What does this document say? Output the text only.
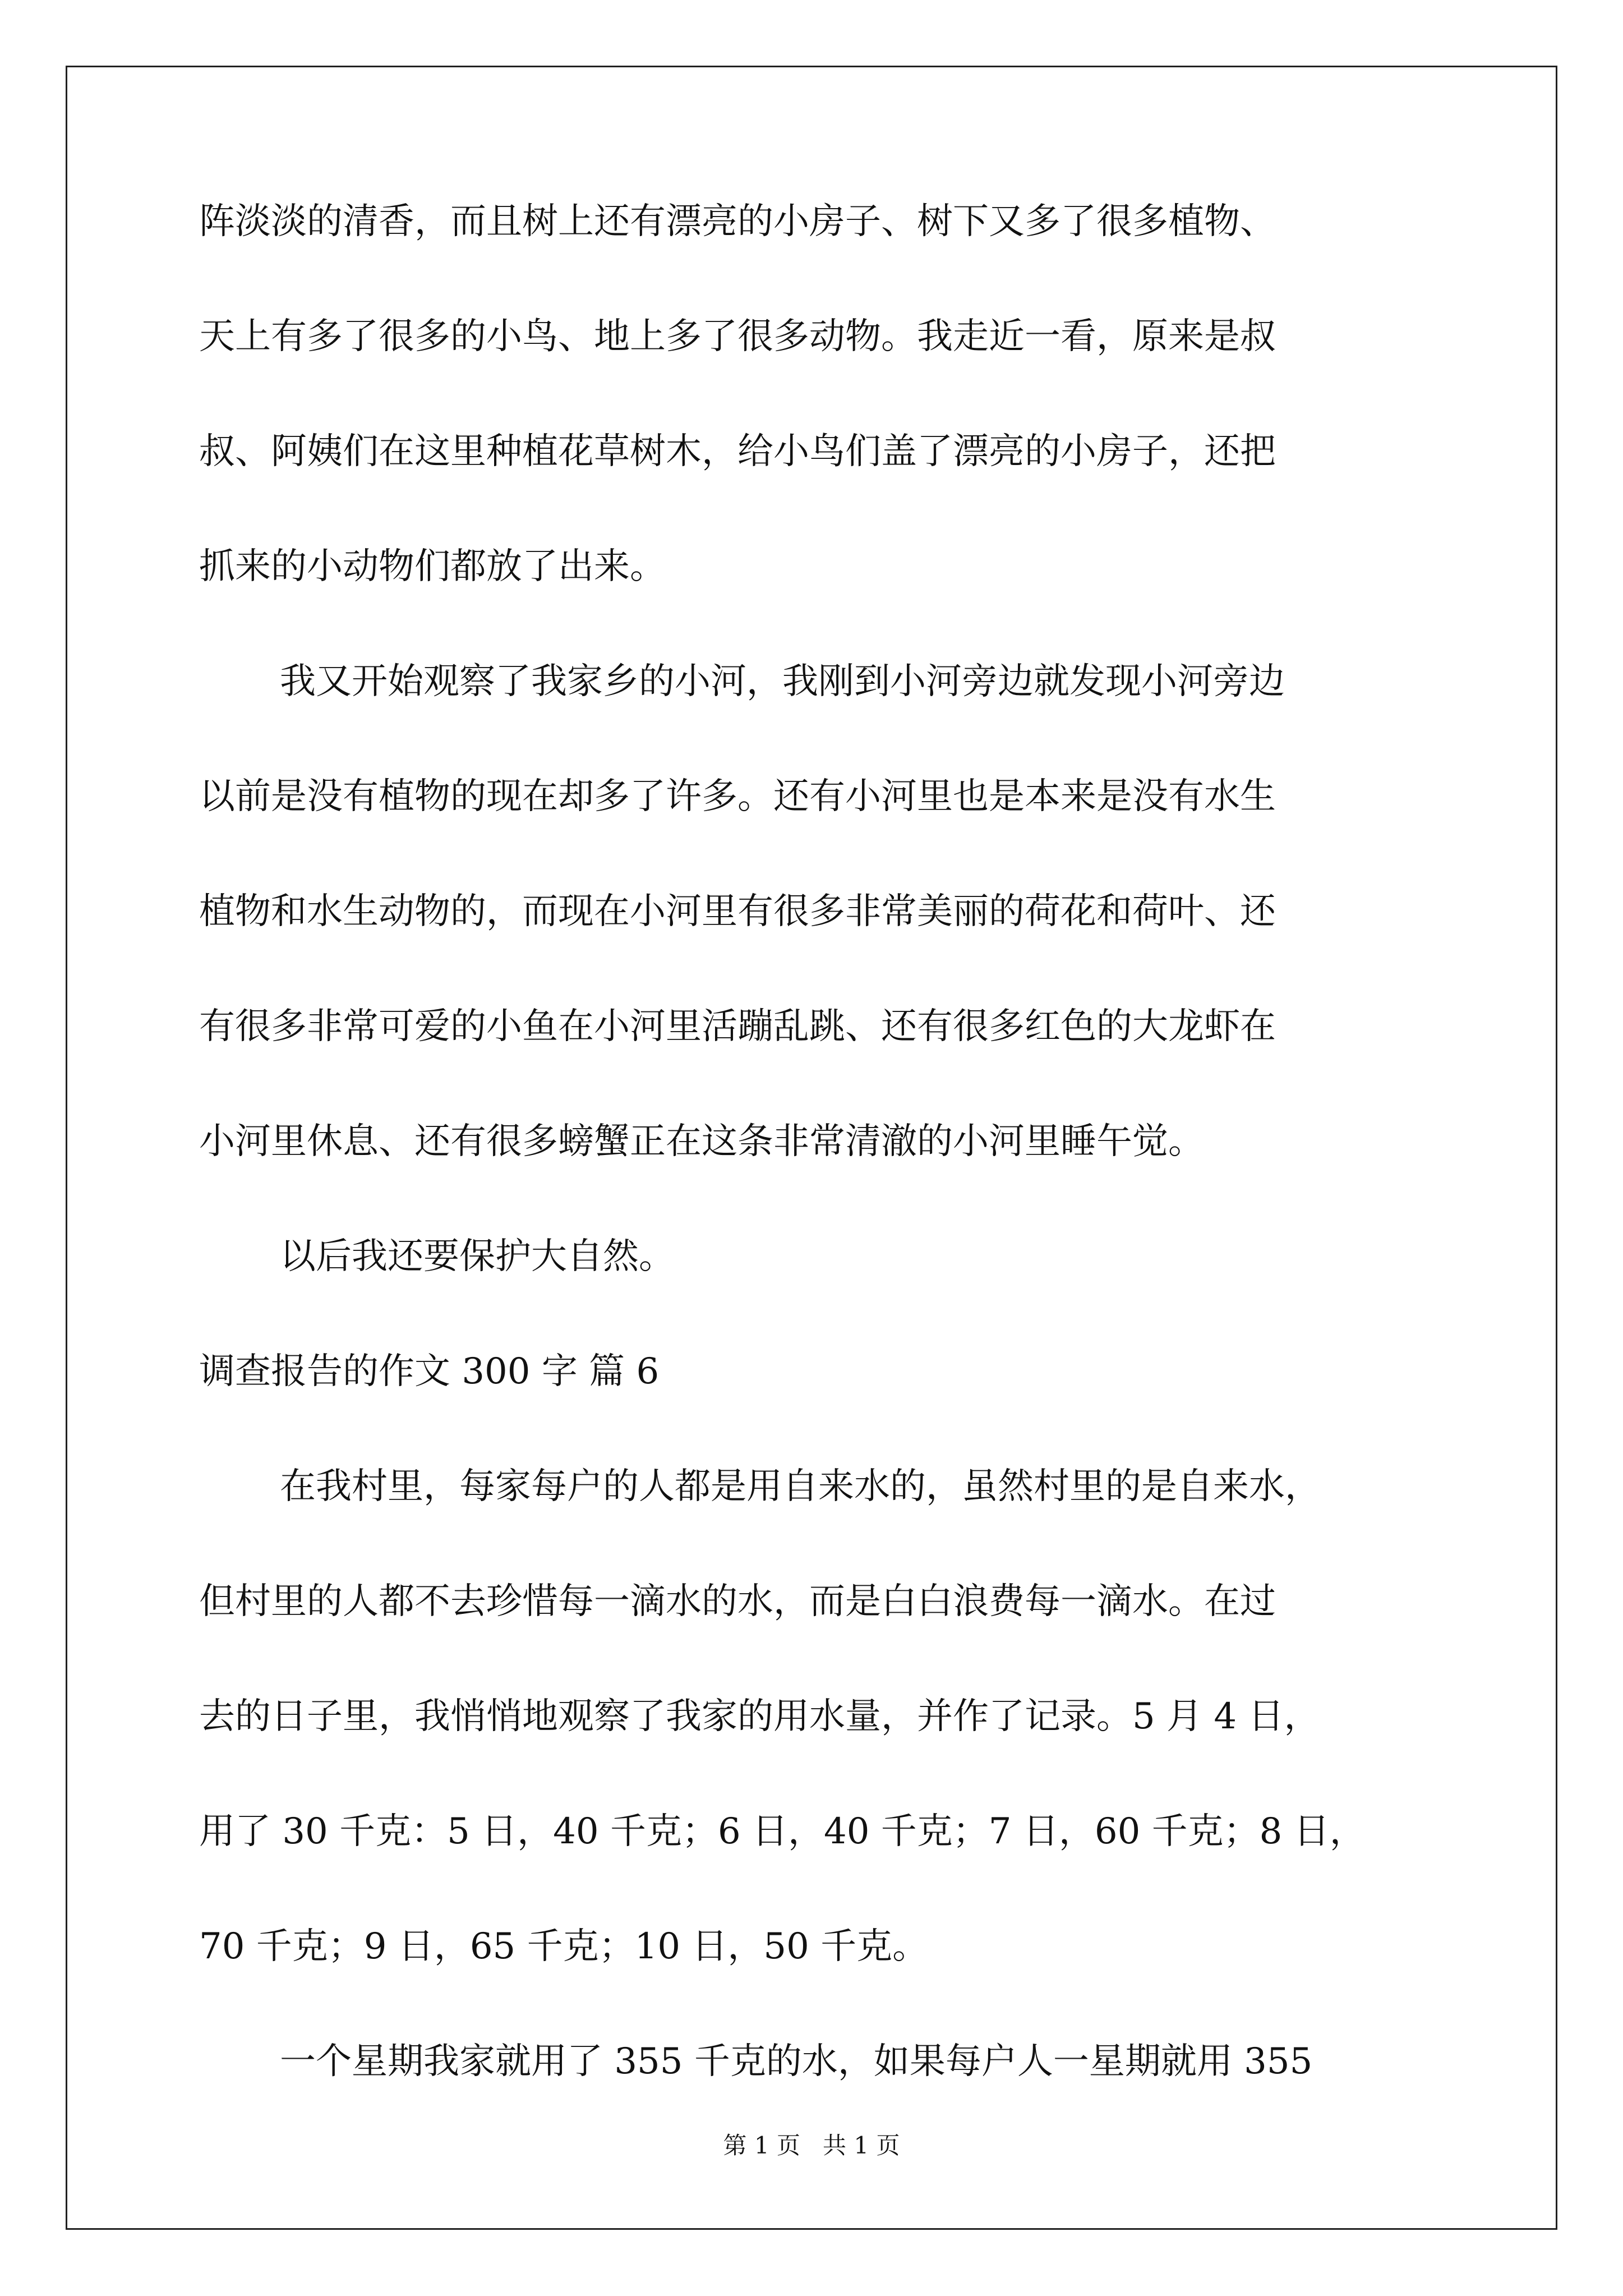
阵淡淡的清香，而且树上还有漂亮的小房子、树下又多了很多植物、
天上有多了很多的小鸟、地上多了很多动物。我走近一看，原来是叔
叔、阿姨们在这里种植花草树木，给小鸟们盖了漂亮的小房子，还把
抓来的小动物们都放了出来。
我又开始观察了我家乡的小河，我刚到小河旁边就发现小河旁边
以前是没有植物的现在却多了许多。还有小河里也是本来是没有水生
植物和水生动物的，而现在小河里有很多非常美丽的荷花和荷叶、还
有很多非常可爱的小鱼在小河里活蹦乱跳、还有很多红色的大龙虾在
小河里休息、还有很多螃蟹正在这条非常清澈的小河里睡午觉。
以后我还要保护大自然。
调查报告的作文 300 字 篇 6
在我村里，每家每户的人都是用自来水的，虽然村里的是自来水，
但村里的人都不去珍惜每一滴水的水，而是白白浪费每一滴水。在过
去的日子里，我悄悄地观察了我家的用水量，并作了记录。5 月 4 日，
用了 30 千克：5 日，40 千克；6 日，40 千克；7 日，60 千克；8 日，
70 千克；9 日，65 千克；10 日，50 千克。
一个星期我家就用了 355 千克的水，如果每户人一星期就用 355
第 1 页   共 1 页
